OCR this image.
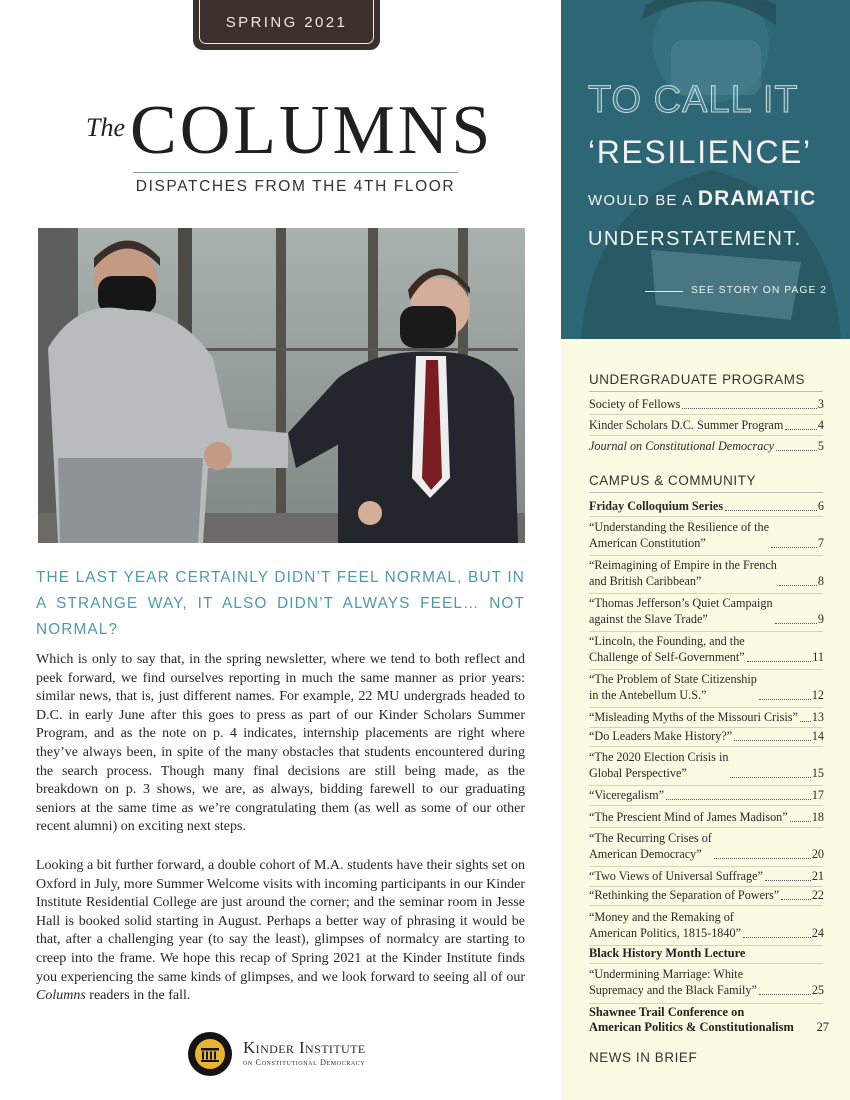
SPRING 2021
The COLUMNS
DISPATCHES FROM THE 4TH FLOOR
THE LAST YEAR CERTAINLY DIDN’T FEEL NORMAL, BUT IN A STRANGE WAY, IT ALSO DIDN’T ALWAYS FEEL… NOT NORMAL?

Which is only to say that, in the spring newsletter, where we tend to both reflect and peek forward, we find ourselves reporting in much the same manner as prior years: similar news, that is, just different names. For example, 22 MU undergrads headed to D.C. in early June after this goes to press as part of our Kinder Scholars Summer Program, and as the note on p. 4 indicates, internship placements are right where they’ve always been, in spite of the many obstacles that students encountered during the search process. Though many final decisions are still being made, as the breakdown on p. 3 shows, we are, as always, bidding farewell to our graduating seniors at the same time as we’re congratulating them (as well as some of our other recent alumni) on exciting next steps.

Looking a bit further forward, a double cohort of M.A. students have their sights set on Oxford in July, more Summer Welcome visits with incoming participants in our Kinder Institute Residential College are just around the corner; and the seminar room in Jesse Hall is booked solid starting in August. Perhaps a better way of phrasing it would be that, after a challenging year (to say the least), glimpses of normalcy are starting to creep into the frame. We hope this recap of Spring 2021 at the Kinder Institute finds you experiencing the same kinds of glimpses, and we look forward to seeing all of our Columns readers in the fall.

Kinder Institute
on Constitutional Democracy
TO CALL IT
‘RESILIENCE’
WOULD BE A DRAMATIC
UNDERSTATEMENT.
SEE STORY ON PAGE 2
UNDERGRADUATE PROGRAMS
CAMPUS & COMMUNITY
NEWS IN BRIEF
Society of Fellows	3
Kinder Scholars D.C. Summer Program	4
Journal on Constitutional Democracy	5
Friday Colloquium Series	6
“Understanding the Resilience of the
American Constitution”	7
“Reimagining of Empire in the French
and British Caribbean”	8
“Thomas Jefferson’s Quiet Campaign
against the Slave Trade”	9
“Lincoln, the Founding, and the
Challenge of Self-Government”	11
“The Problem of State Citizenship
in the Antebellum U.S.”	12
“Misleading Myths of the Missouri Crisis” 13
“Do Leaders Make History?”	14
“The 2020 Election Crisis in
Global Perspective”	15
“Viceregalism”	17
“The Prescient Mind of James Madison” 18
“The Recurring Crises of
American Democracy”	20
“Two Views of Universal Suffrage”	21
“Rethinking the Separation of Powers”	22
“Money and the Remaking of
American Politics, 1815-1840”	24
Black History Month Lecture
“Undermining Marriage: White
Supremacy and the Black Family”	25
Shawnee Trail Conference on
American Politics & Constitutionalism 27
